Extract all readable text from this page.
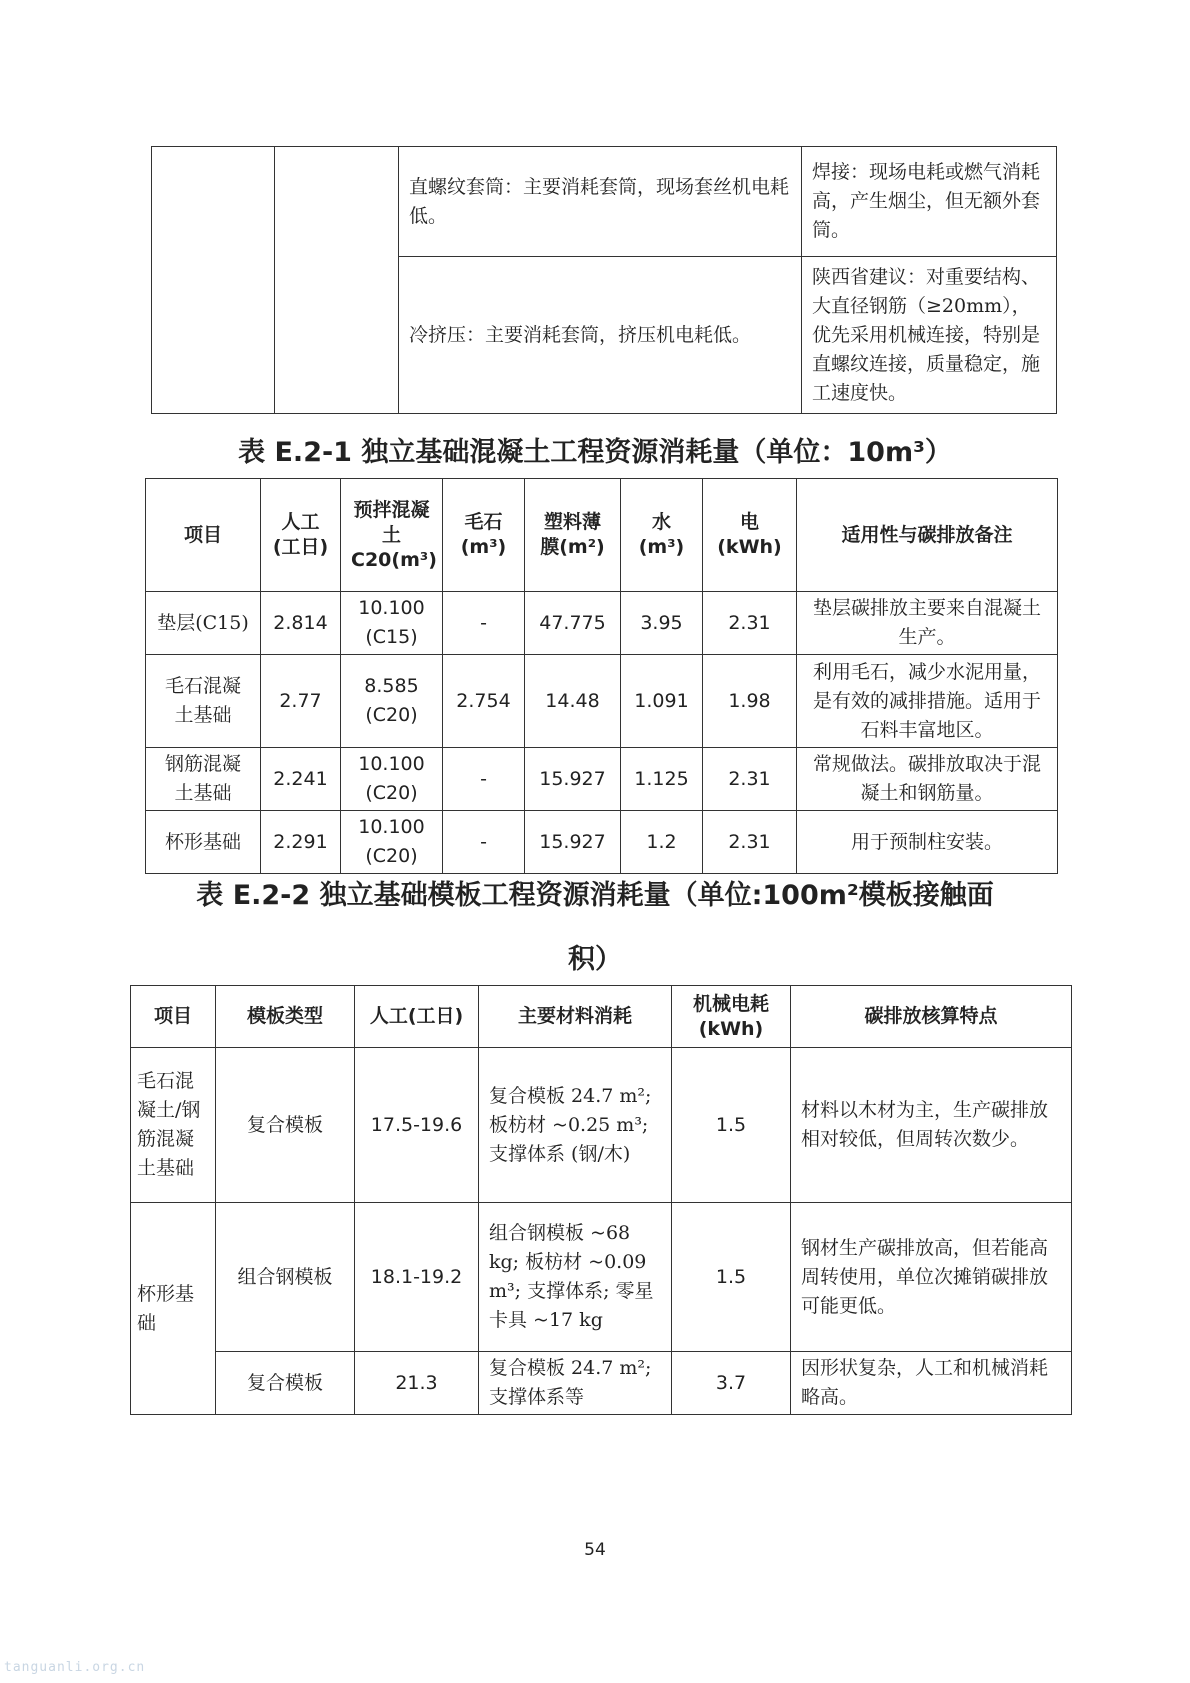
		直螺纹套筒：主要消耗套筒，现场套丝机电耗低。	焊接：现场电耗或燃气消耗高，产生烟尘，但无额外套筒。
		冷挤压：主要消耗套筒，挤压机电耗低。	陕西省建议：对重要结构、大直径钢筋（≥20mm），优先采用机械连接，特别是直螺纹连接，质量稳定，施工速度快。
表 E.2-1 独立基础混凝土工程资源消耗量（单位：10m³）
项目	人工(工日)	预拌混凝土C20(m³)	毛石(m³)	塑料薄膜(m²)	水(m³)	电(kWh)	适用性与碳排放备注
垫层(C15)	2.814	10.100 (C15)	-	47.775	3.95	2.31	垫层碳排放主要来自混凝土生产。
毛石混凝土基础	2.77	8.585 (C20)	2.754	14.48	1.091	1.98	利用毛石，减少水泥用量，是有效的减排措施。适用于石料丰富地区。
钢筋混凝土基础	2.241	10.100 (C20)	-	15.927	1.125	2.31	常规做法。碳排放取决于混凝土和钢筋量。
杯形基础	2.291	10.100 (C20)	-	15.927	1.2	2.31	用于预制柱安装。
表 E.2-2 独立基础模板工程资源消耗量（单位:100m²模板接触面
积）
项目	模板类型	人工(工日)	主要材料消耗	机械电耗(kWh)	碳排放核算特点
毛石混凝土/钢筋混凝土基础	复合模板	17.5-19.6	复合模板 24.7 m²; 板枋材 ~0.25 m³; 支撑体系 (钢/木)	1.5	材料以木材为主，生产碳排放相对较低，但周转次数少。
杯形基础	组合钢模板	18.1-19.2	组合钢模板 ~68 kg; 板枋材 ~0.09 m³; 支撑体系; 零星卡具 ~17 kg	1.5	钢材生产碳排放高，但若能高周转使用，单位次摊销碳排放可能更低。
	复合模板	21.3	复合模板 24.7 m²; 支撑体系等	3.7	因形状复杂，人工和机械消耗略高。
54
tanguanli.org.cn
